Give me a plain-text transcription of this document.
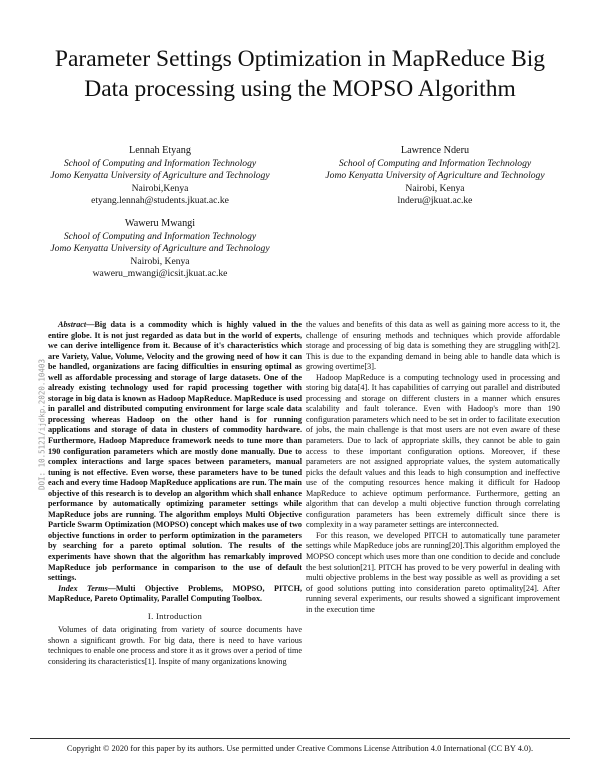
Parameter Settings Optimization in MapReduce Big Data processing using the MOPSO Algorithm
Lennah Etyang
School of Computing and Information Technology
Jomo Kenyatta University of Agriculture and Technology
Nairobi,Kenya
etyang.lennah@students.jkuat.ac.ke
Lawrence Nderu
School of Computing and Information Technology
Jomo Kenyatta University of Agriculture and Technology
Nairobi, Kenya
lnderu@jkuat.ac.ke
Waweru Mwangi
School of Computing and Information Technology
Jomo Kenyatta University of Agriculture and Technology
Nairobi, Kenya
waweru_mwangi@icsit.jkuat.ac.ke
DOI: 10.5121/ijdkp.2020.10403

Abstract—Big data is a commodity which is highly valued in the entire globe. It is not just regarded as data but in the world of experts, we can derive intelligence from it. Because of it's characteristics which are Variety, Value, Volume, Velocity and the growing need of how it can be handled, organizations are facing difficulties in ensuring optimal as well as affordable processing and storage of large datasets. One of the already existing technology used for rapid processing together with storage in big data is known as Hadoop MapReduce. MapReduce is used in parallel and distributed computing environment for large scale data processing whereas Hadoop on the other hand is for running applications and storage of data in clusters of commodity hardware. Furthermore, Hadoop Mapreduce framework needs to tune more than 190 configuration parameters which are mostly done manually. Due to complex interactions and large spaces between parameters, manual tuning is not effective. Even worse, these parameters have to be tuned each and every time Hadoop MapReduce applications are run. The main objective of this research is to develop an algorithm which shall enhance performance by automatically optimizing parameter settings while MapReduce jobs are running. The algorithm employs Multi Objective Particle Swarm Optimization (MOPSO) concept which makes use of two objective functions in order to perform optimization in the parameters by searching for a pareto optimal solution. The results of the experiments have shown that the algorithm has remarkably improved MapReduce job performance in comparison to the use of default settings.

Index Terms—Multi Objective Problems, MOPSO, PITCH, MapReduce, Pareto Optimality, Parallel Computing Toolbox.

I. Introduction

Volumes of data originating from variety of source documents have shown a significant growth. For big data, there is need to have various techniques to enable one process and store it as it grows over a period of time considering its characteristics[1]. Inspite of many organizations knowing

the values and benefits of this data as well as gaining more access to it, the challenge of ensuring methods and techniques which provide affordable storage and processing of big data is something they are struggling with[2]. This is due to the expanding demand in being able to handle data which is growing overtime[3].

Hadoop MapReduce is a computing technology used in processing and storing big data[4]. It has capabilities of carrying out parallel and distributed processing and storage on different clusters in a manner which ensures scalability and fault tolerance. Even with Hadoop's more than 190 configuration parameters which need to be set in order to facilitate execution of jobs, the main challenge is that most users are not even aware of these parameters. Due to lack of appropriate skills, they cannot be able to gain access to these important configuration options. Moreover, if these parameters are not assigned appropriate values, the system automatically picks the default values and this leads to high consumption and ineffective use of the computing resources hence making it difficult for Hadoop MapReduce to achieve optimum performance. Furthermore, getting an algorithm that can develop a multi objective function through correlating configuration parameters has been extremely difficult since there is complexity in a way parameter settings are interconnected.

For this reason, we developed PITCH to automatically tune parameter settings while MapReduce jobs are running[20].This algorithm employed the MOPSO concept which uses more than one condition to decide and conclude the best solution[21]. PITCH has proved to be very powerful in dealing with multi objective problems in the best way possible as well as providing a set of good solutions putting into consideration pareto optimality[24]. After running several experiments, our results showed a significant improvement in the execution time

Copyright © 2020 for this paper by its authors. Use permitted under Creative Commons License Attribution 4.0 International (CC BY 4.0).
